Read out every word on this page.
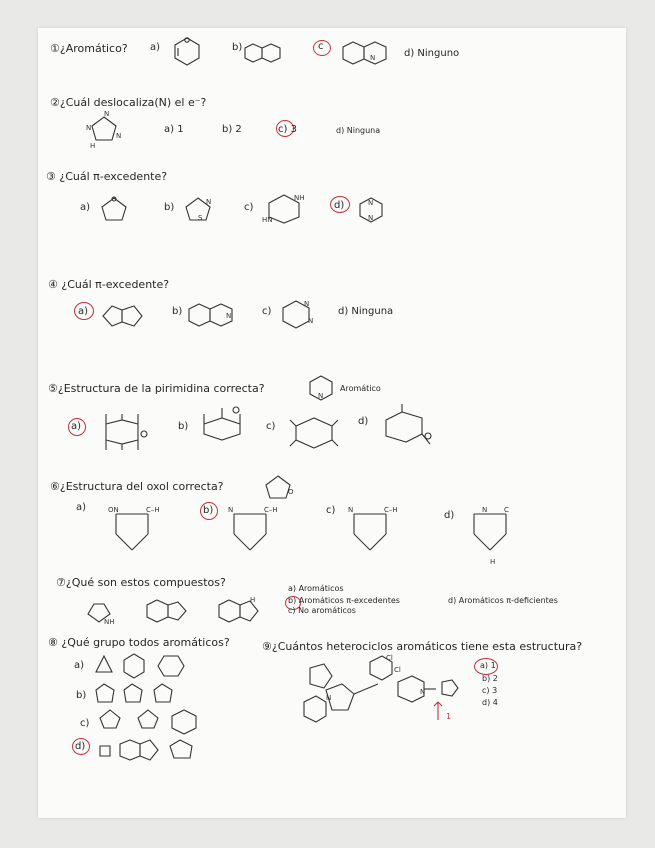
①¿Aromático? a)	b)	c
N	d) Ninguno
②¿Cuál deslocaliza(N) el e⁻?
N
N
N
H
a) 1	b) 2	c) 3	d) Ninguna
③ ¿Cuál π-excedente?
a)	b)	N
S
c)
NH
HN
d)	N
N
④ ¿Cuál π-excedente?
a)	b)	N	c)
N
N
d) Ninguna
⑤¿Estructura de la pirimidina correcta?
N
Aromático
a)	b)	c)	d)
⑥¿Estructura del oxol correcta?	O
a)	ON	C–H	b) N	C–H	c) N	C–H	d)	N C
H
⑦¿Qué son estos compuestos?
NH
H
a) Aromáticos
b) Aromáticos π-excedentes
c) No aromáticos
d) Aromáticos π-deficientes
⑧ ¿Qué grupo todos aromáticos?
a)
b)
c)
d)
⑨¿Cuántos heterociclos aromáticos tiene esta estructura?
Cl
Cl
N
N
a) 1
b) 2
c) 3
d) 4
1
